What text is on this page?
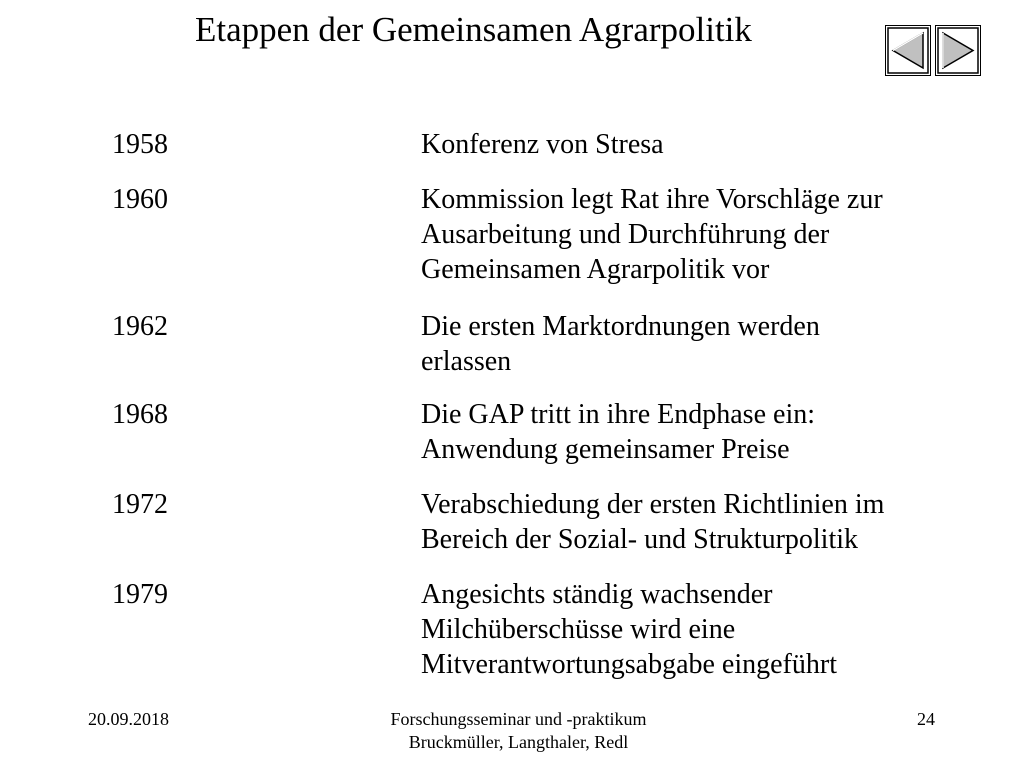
Etappen der Gemeinsamen Agrarpolitik
1958	Konferenz von Stresa
1960	Kommission legt Rat ihre Vorschläge zur
Ausarbeitung und Durchführung der
Gemeinsamen Agrarpolitik vor
1962	Die ersten Marktordnungen werden
erlassen
1968	Die GAP tritt in ihre Endphase ein:
Anwendung gemeinsamer Preise
1972	Verabschiedung der ersten Richtlinien im
Bereich der Sozial- und Strukturpolitik
1979	Angesichts ständig wachsender
Milchüberschüsse wird eine
Mitverantwortungsabgabe eingeführt
20.09.2018	Forschungsseminar und -praktikum
Bruckmüller, Langthaler, Redl
24
